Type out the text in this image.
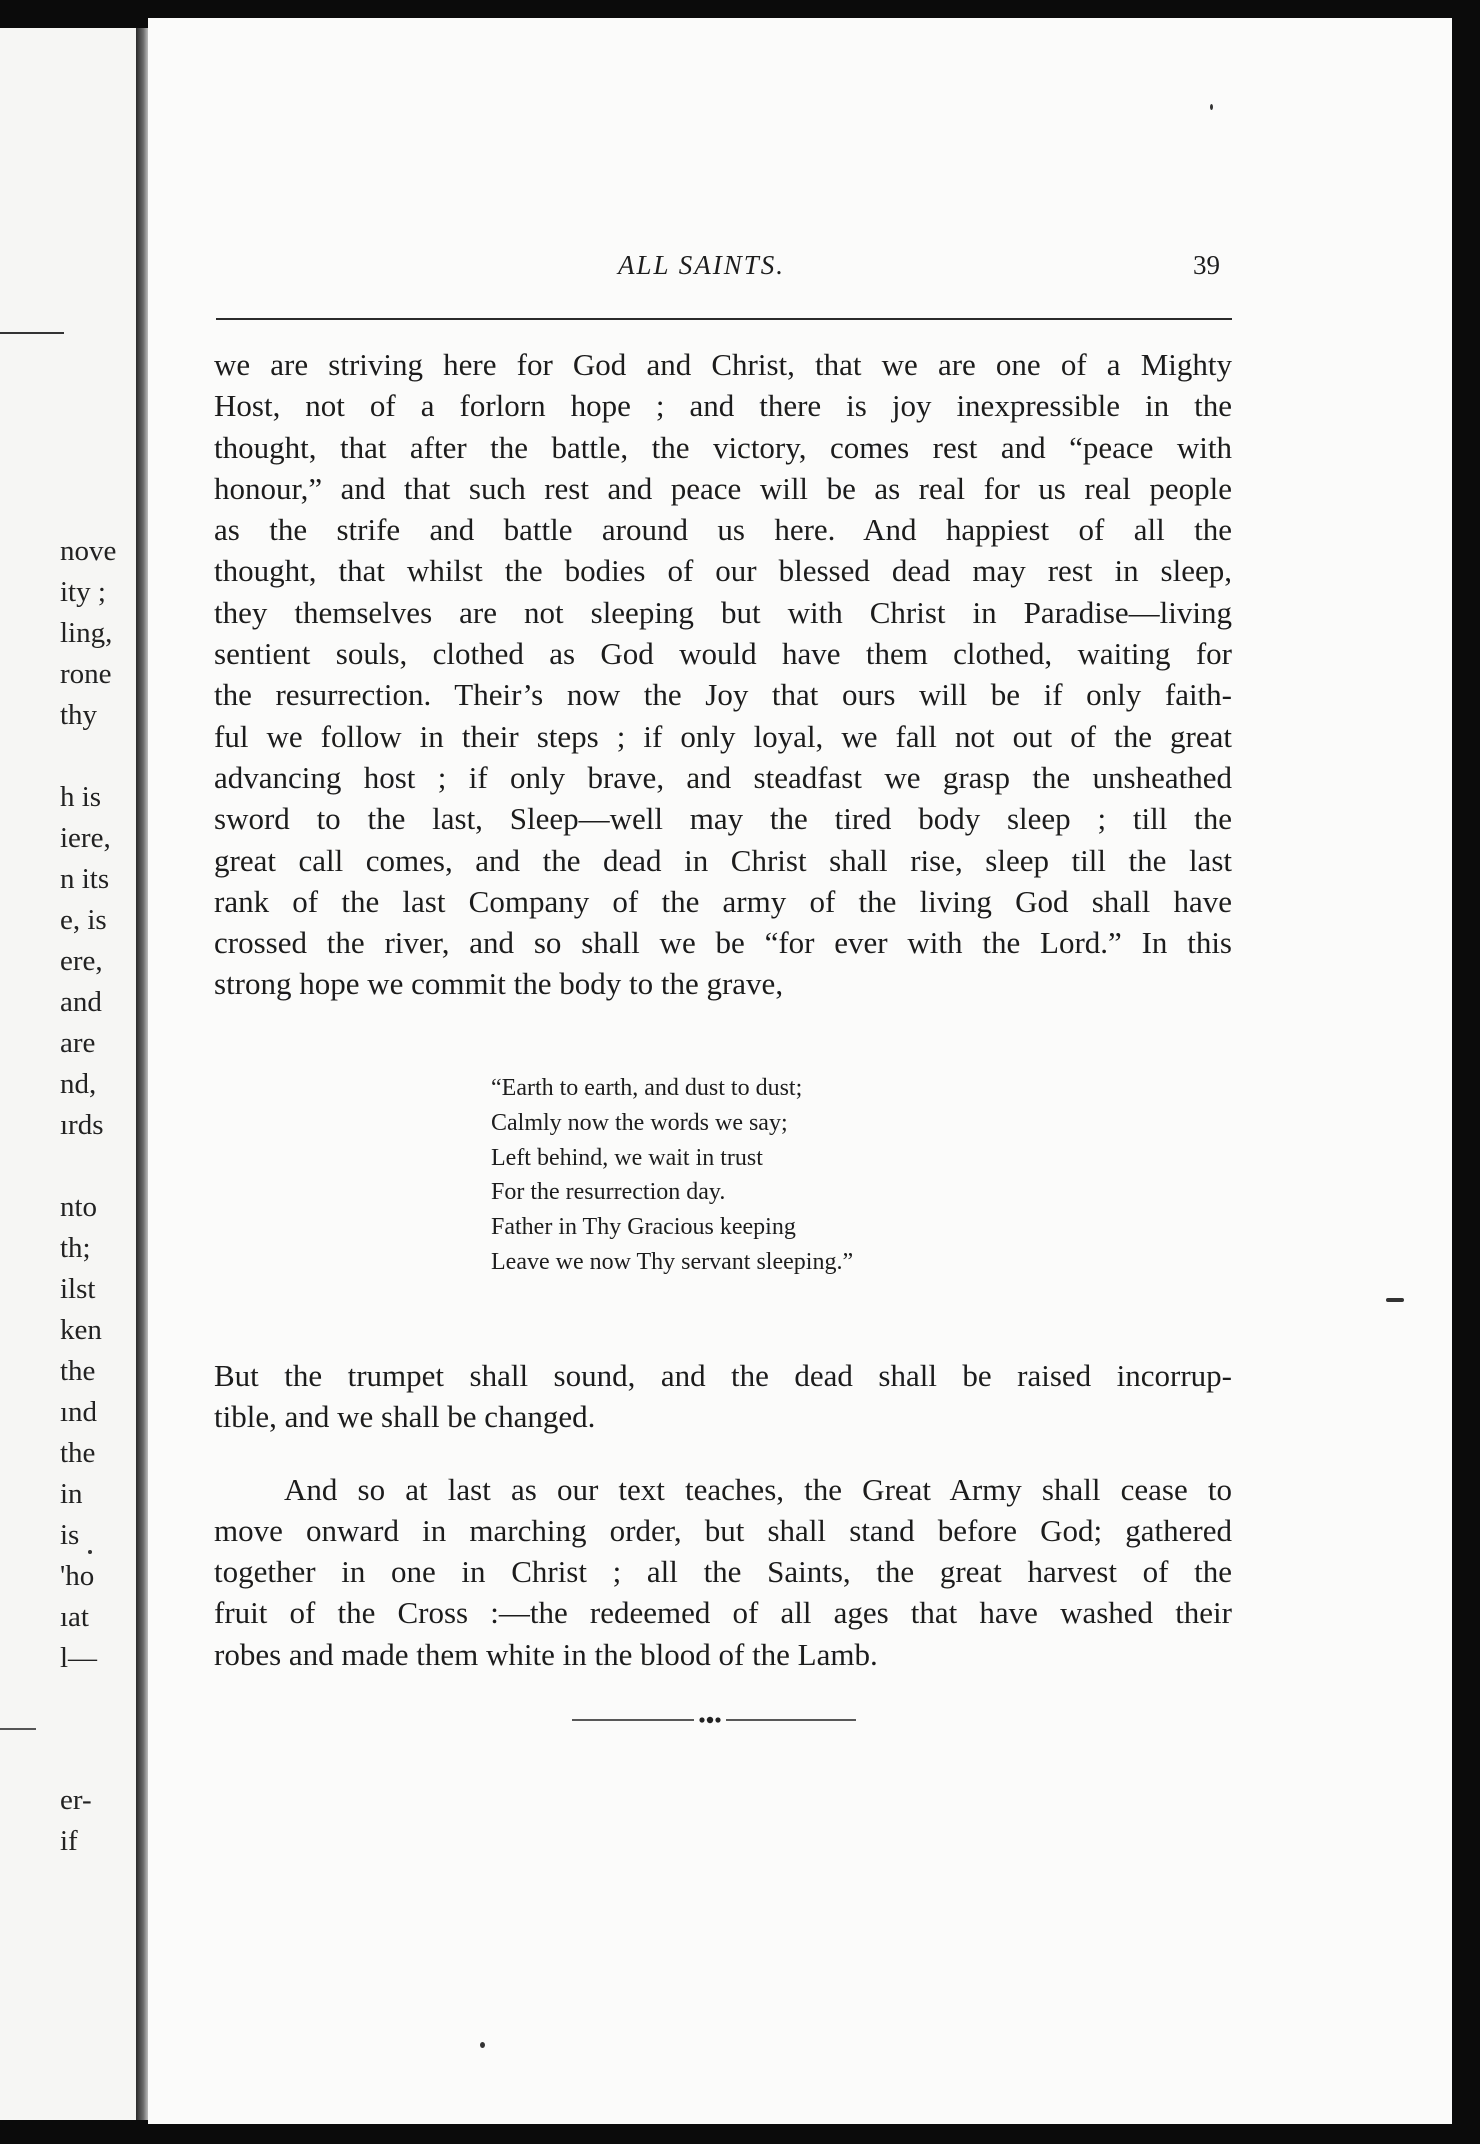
nove
ity ;
ling,
rone
thy
h is
iere,
n its
e, is
ere,
and
are
nd,
ırds
nto
th;
ilst
ken
the
ınd
the
in
is
'ho
ıat
l—
er-
if
ALL SAINTS.	39

we are striving here for God and Christ, that we are one of a Mighty
Host, not of a forlorn hope ; and there is joy inexpressible in the
thought, that after the battle, the victory, comes rest and “peace with
honour,” and that such rest and peace will be as real for us real people
as the strife and battle around us here. And happiest of all the
thought, that whilst the bodies of our blessed dead may rest in sleep,
they themselves are not sleeping but with Christ in Paradise—living
sentient souls, clothed as God would have them clothed, waiting for
the resurrection. Their’s now the Joy that ours will be if only faith-
ful we follow in their steps ; if only loyal, we fall not out of the great
advancing host ; if only brave, and steadfast we grasp the unsheathed
sword to the last, Sleep—well may the tired body sleep ; till the
great call comes, and the dead in Christ shall rise, sleep till the last
rank of the last Company of the army of the living God shall have
crossed the river, and so shall we be “for ever with the Lord.” In this
strong hope we commit the body to the grave,

“Earth to earth, and dust to dust;
Calmly now the words we say;
Left behind, we wait in trust
For the resurrection day.
Father in Thy Gracious keeping
Leave we now Thy servant sleeping.”

But the trumpet shall sound, and the dead shall be raised incorrup-
tible, and we shall be changed.

And so at last as our text teaches, the Great Army shall cease to
move onward in marching order, but shall stand before God; gathered
together in one in Christ ; all the Saints, the great harvest of the
fruit of the Cross :—the redeemed of all ages that have washed their
robes and made them white in the blood of the Lamb.
